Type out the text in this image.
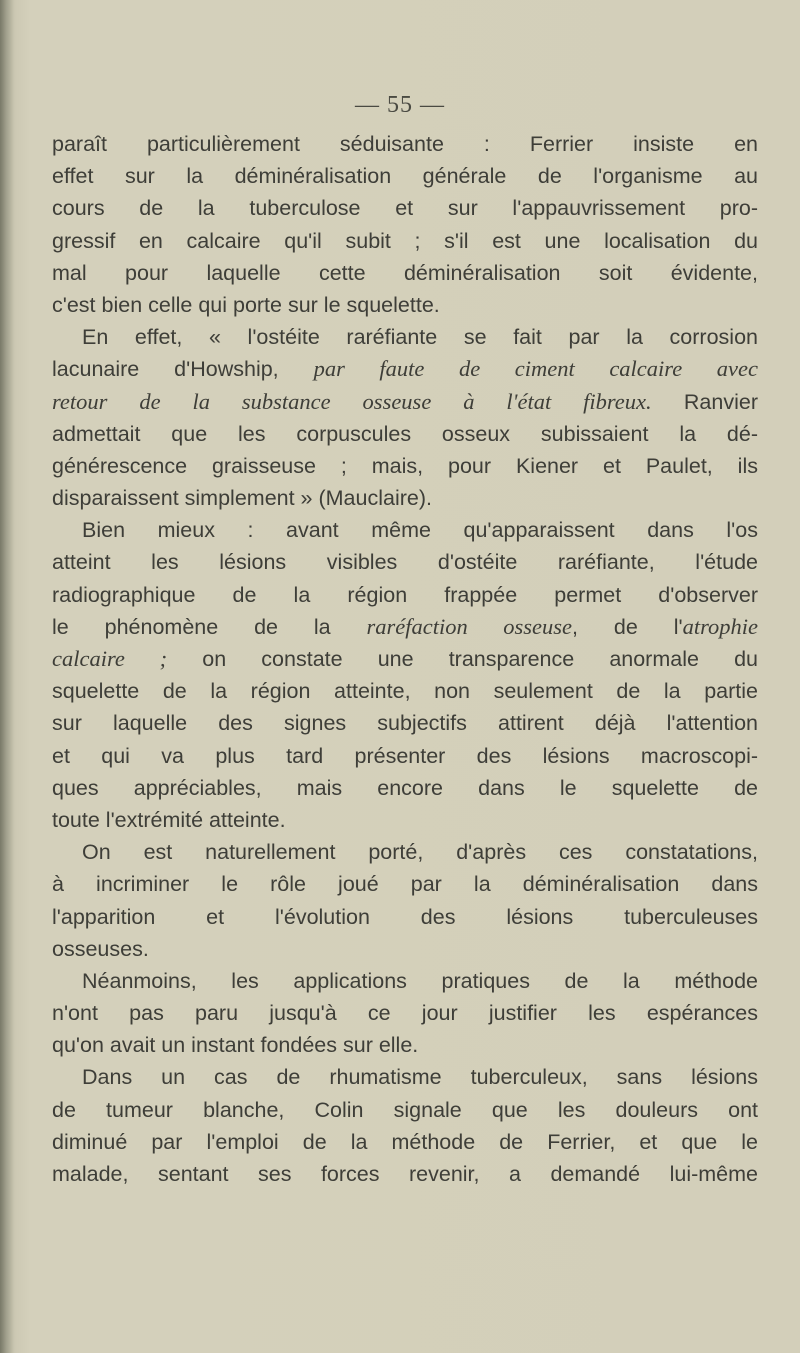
— 55 —
paraît particulièrement séduisante : Ferrier insiste en
effet sur la déminéralisation générale de l'organisme au
cours de la tuberculose et sur l'appauvrissement pro-
gressif en calcaire qu'il subit ; s'il est une localisation du
mal pour laquelle cette déminéralisation soit évidente,
c'est bien celle qui porte sur le squelette.
En effet, « l'ostéite raréfiante se fait par la corrosion
lacunaire d'Howship, par faute de ciment calcaire avec
retour de la substance osseuse à l'état fibreux. Ranvier
admettait que les corpuscules osseux subissaient la dé-
générescence graisseuse ; mais, pour Kiener et Paulet, ils
disparaissent simplement » (Mauclaire).
Bien mieux : avant même qu'apparaissent dans l'os
atteint les lésions visibles d'ostéite raréfiante, l'étude
radiographique de la région frappée permet d'observer
le phénomène de la raréfaction osseuse, de l'atrophie
calcaire ; on constate une transparence anormale du
squelette de la région atteinte, non seulement de la partie
sur laquelle des signes subjectifs attirent déjà l'attention
et qui va plus tard présenter des lésions macroscopi-
ques appréciables, mais encore dans le squelette de
toute l'extrémité atteinte.
On est naturellement porté, d'après ces constatations,
à incriminer le rôle joué par la déminéralisation dans
l'apparition et l'évolution des lésions tuberculeuses
osseuses.
Néanmoins, les applications pratiques de la méthode
n'ont pas paru jusqu'à ce jour justifier les espérances
qu'on avait un instant fondées sur elle.
Dans un cas de rhumatisme tuberculeux, sans lésions
de tumeur blanche, Colin signale que les douleurs ont
diminué par l'emploi de la méthode de Ferrier, et que le
malade, sentant ses forces revenir, a demandé lui-même
